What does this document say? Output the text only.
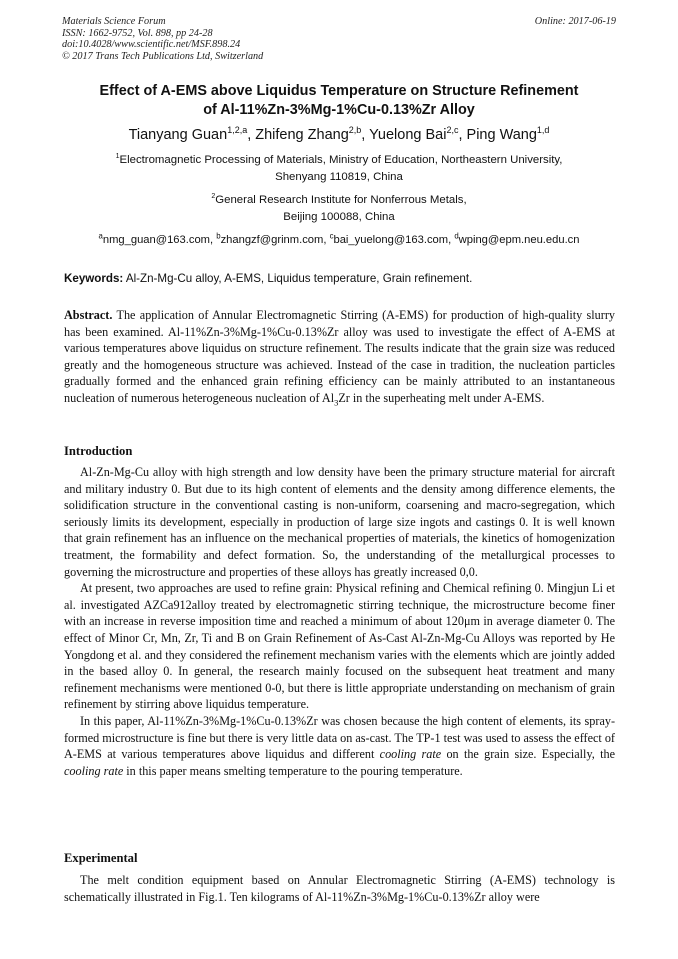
Materials Science Forum
ISSN: 1662-9752, Vol. 898, pp 24-28
doi:10.4028/www.scientific.net/MSF.898.24
© 2017 Trans Tech Publications Ltd, Switzerland
Online: 2017-06-19
Effect of A-EMS above Liquidus Temperature on Structure Refinement
of Al-11%Zn-3%Mg-1%Cu-0.13%Zr Alloy
Tianyang Guan$^{1,2,a}$, Zhifeng Zhang$^{2,b}$, Yuelong Bai$^{2,c}$, Ping Wang$^{1,d}$
$^1$Electromagnetic Processing of Materials, Ministry of Education, Northeastern University,
Shenyang 110819, China
$^2$General Research Institute for Nonferrous Metals,
Beijing 100088, China
$^a$nmg_guan@163.com, $^b$zhangzf@grinm.com, $^c$bai_yuelong@163.com, $^d$wping@epm.neu.edu.cn
Keywords: Al-Zn-Mg-Cu alloy, A-EMS, Liquidus temperature, Grain refinement.

Abstract. The application of Annular Electromagnetic Stirring (A-EMS) for production of high-quality slurry has been examined. Al-11%Zn-3%Mg-1%Cu-0.13%Zr alloy was used to investigate the effect of A-EMS at various temperatures above liquidus on structure refinement. The results indicate that the grain size was reduced greatly and the homogeneous structure was achieved. Instead of the case in tradition, the nucleation particles gradually formed and the enhanced grain refining efficiency can be mainly attributed to an instantaneous nucleation of numerous heterogeneous nucleation of $Al_3Zr$ in the superheating melt under A-EMS.

Introduction

Al-Zn-Mg-Cu alloy with high strength and low density have been the primary structure material for aircraft and military industry 0. But due to its high content of elements and the density among difference elements, the solidification structure in the conventional casting is non-uniform, coarsening and macro-segregation, which seriously limits its development, especially in production of large size ingots and castings 0. It is well known that grain refinement has an influence on the mechanical properties of materials, the kinetics of homogenization treatment, the formability and defect formation. So, the understanding of the metallurgical processes to governing the microstructure and properties of these alloys has greatly increased 0,0.

At present, two approaches are used to refine grain: Physical refining and Chemical refining 0. Mingjun Li et al. investigated AZCa912alloy treated by electromagnetic stirring technique, the microstructure become finer with an increase in reverse imposition time and reached a minimum of about 120μm in average diameter 0. The effect of Minor Cr, Mn, Zr, Ti and B on Grain Refinement of As-Cast Al-Zn-Mg-Cu Alloys was reported by He Yongdong et al. and they considered the refinement mechanism varies with the elements which are jointly added in the based alloy 0. In general, the research mainly focused on the subsequent heat treatment and many refinement mechanisms were mentioned 0-0, but there is little appropriate understanding on mechanism of grain refinement by stirring above liquidus temperature.

In this paper, Al-11%Zn-3%Mg-1%Cu-0.13%Zr was chosen because the high content of elements, its spray-formed microstructure is fine but there is very little data on as-cast. The TP-1 test was used to assess the effect of A-EMS at various temperatures above liquidus and different cooling rate on the grain size. Especially, the cooling rate in this paper means smelting temperature to the pouring temperature.

Experimental

The melt condition equipment based on Annular Electromagnetic Stirring (A-EMS) technology is schematically illustrated in Fig.1. Ten kilograms of Al-11%Zn-3%Mg-1%Cu-0.13%Zr alloy were
